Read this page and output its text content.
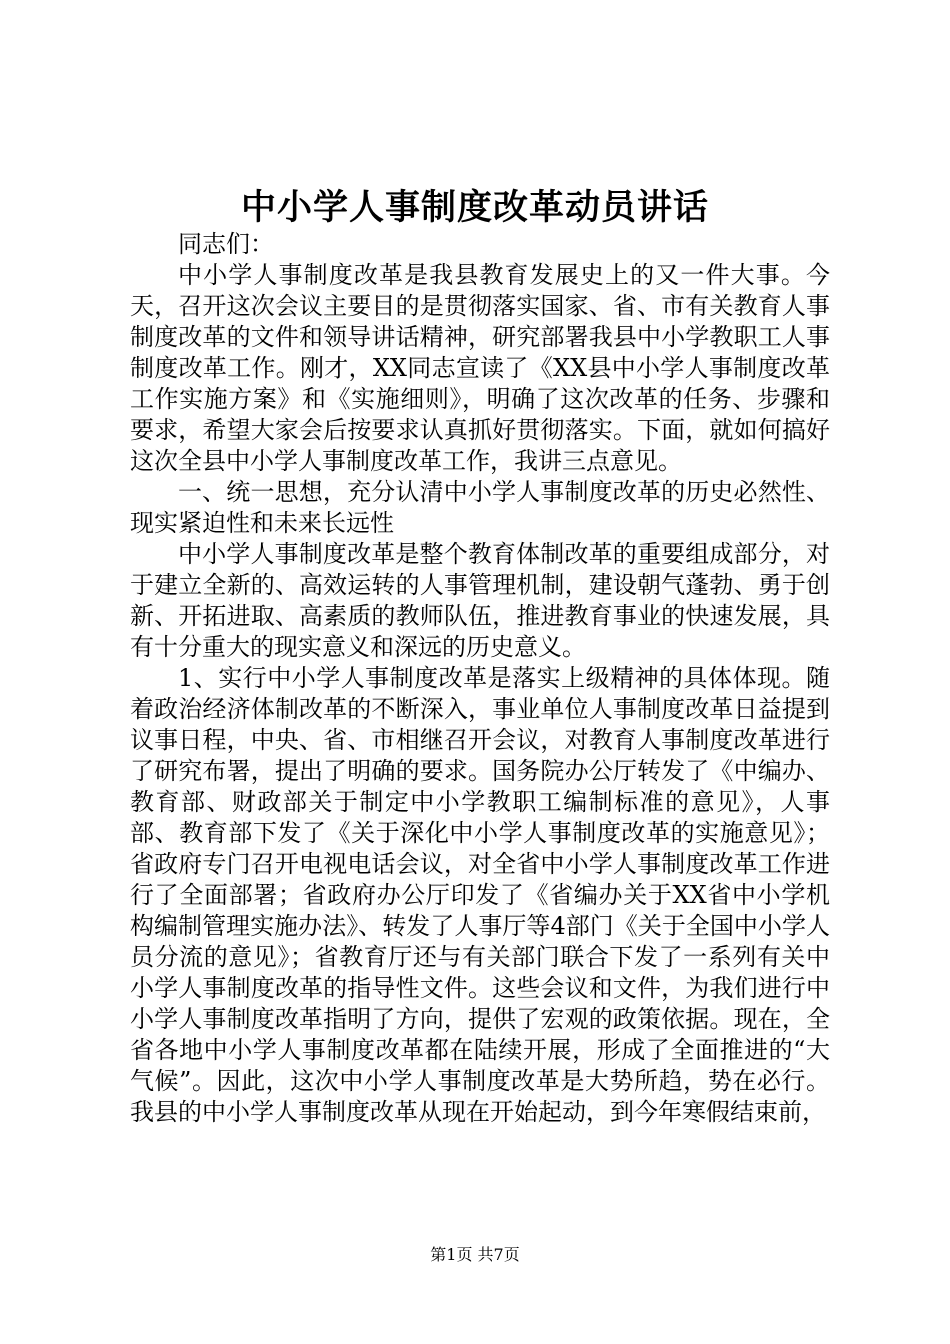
中小学人事制度改革动员讲话

同志们：

中小学人事制度改革是我县教育发展史上的又一件大事。今天，召开这次会议主要目的是贯彻落实国家、省、市有关教育人事制度改革的文件和领导讲话精神，研究部署我县中小学教职工人事制度改革工作。刚才，XX同志宣读了《XX县中小学人事制度改革工作实施方案》和《实施细则》，明确了这次改革的任务、步骤和要求，希望大家会后按要求认真抓好贯彻落实。下面，就如何搞好这次全县中小学人事制度改革工作，我讲三点意见。

一、统一思想，充分认清中小学人事制度改革的历史必然性、现实紧迫性和未来长远性

中小学人事制度改革是整个教育体制改革的重要组成部分，对于建立全新的、高效运转的人事管理机制，建设朝气蓬勃、勇于创新、开拓进取、高素质的教师队伍，推进教育事业的快速发展，具有十分重大的现实意义和深远的历史意义。

1、实行中小学人事制度改革是落实上级精神的具体体现。随着政治经济体制改革的不断深入，事业单位人事制度改革日益提到议事日程，中央、省、市相继召开会议，对教育人事制度改革进行了研究布署，提出了明确的要求。国务院办公厅转发了《中编办、教育部、财政部关于制定中小学教职工编制标准的意见》，人事部、教育部下发了《关于深化中小学人事制度改革的实施意见》；省政府专门召开电视电话会议，对全省中小学人事制度改革工作进行了全面部署；省政府办公厅印发了《省编办关于XX省中小学机构编制管理实施办法》、转发了人事厅等4部门《关于全国中小学人员分流的意见》；省教育厅还与有关部门联合下发了一系列有关中小学人事制度改革的指导性文件。这些会议和文件，为我们进行中小学人事制度改革指明了方向，提供了宏观的政策依据。现在，全省各地中小学人事制度改革都在陆续开展，形成了全面推进的“大气候”。因此，这次中小学人事制度改革是大势所趋，势在必行。我县的中小学人事制度改革从现在开始起动，到今年寒假结束前，

第1页 共7页
